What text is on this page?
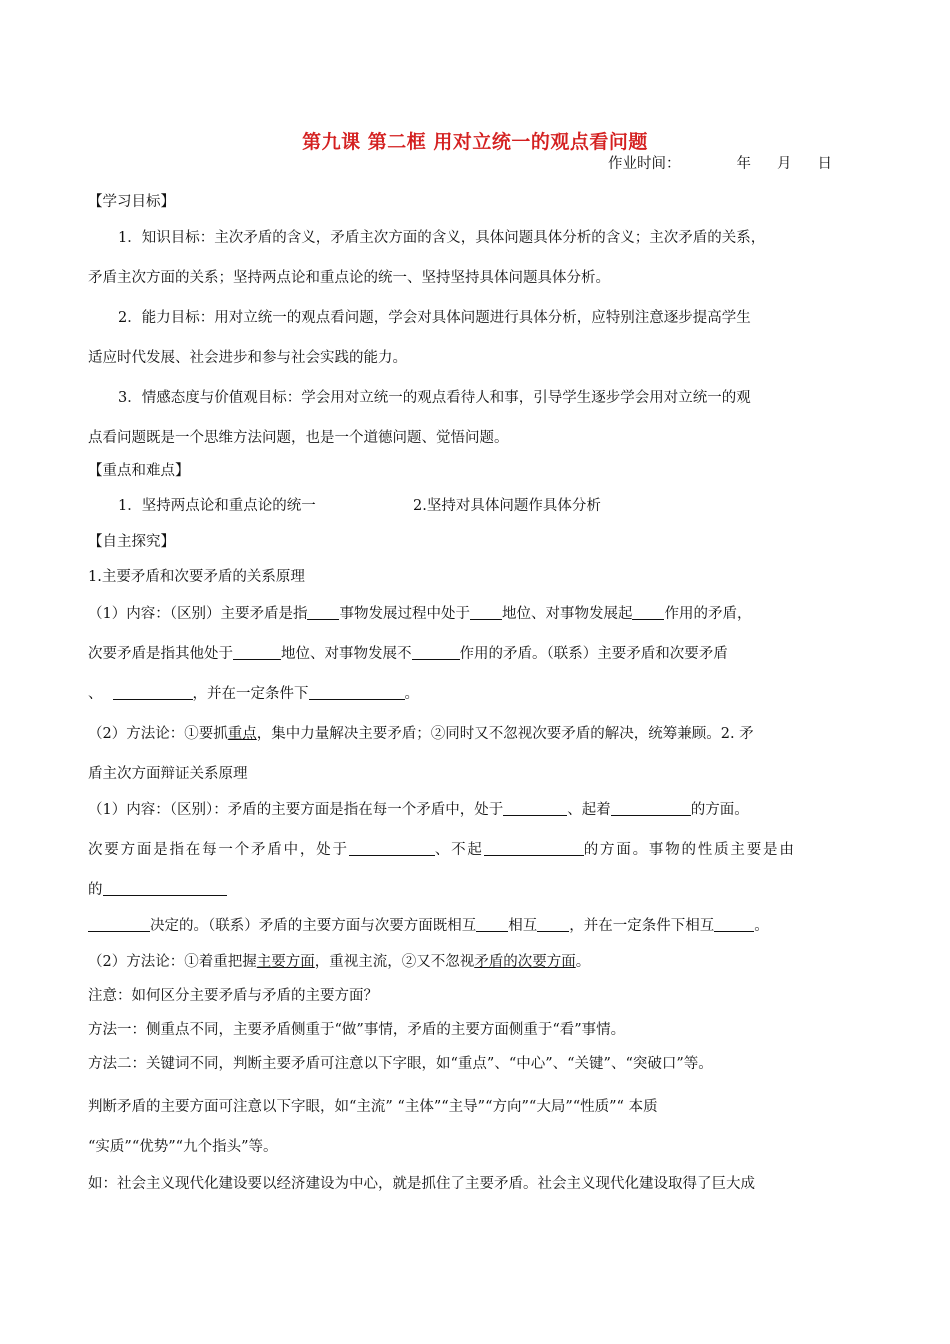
第九课 第二框 用对立统一的观点看问题
作业时间：	年 月 日
【学习目标】
1．知识目标：主次矛盾的含义，矛盾主次方面的含义，具体问题具体分析的含义；主次矛盾的关系，
矛盾主次方面的关系；坚持两点论和重点论的统一、坚持坚持具体问题具体分析。
2．能力目标：用对立统一的观点看问题，学会对具体问题进行具体分析，应特别注意逐步提高学生
适应时代发展、社会进步和参与社会实践的能力。
3．情感态度与价值观目标：学会用对立统一的观点看待人和事，引导学生逐步学会用对立统一的观
点看问题既是一个思维方法问题，也是一个道德问题、觉悟问题。
【重点和难点】
1．坚持两点论和重点论的统一	2.坚持对具体问题作具体分析
【自主探究】
1.主要矛盾和次要矛盾的关系原理
（1）内容：（区别）主要矛盾是指 事物发展过程中处于 地位、对事物发展起 作用的矛盾，
次要矛盾是指其他处于	地位、对事物发展不	作用的矛盾。（联系）主要矛盾和次要矛盾
、	，并在一定条件下	。
（2）方法论：①要抓重点，集中力量解决主要矛盾；②同时又不忽视次要矛盾的解决，统筹兼顾。2. 矛
盾主次方面辩证关系原理
（1）内容：（区别）：矛盾的主要方面是指在每一个矛盾中，处于	、起着	的方面。
次要方面是指在每一个矛盾中，处于	、不起	的方面。事物的性质主要是由
的
决定的。（联系）矛盾的主要方面与次要方面既相互 相互 ，并在一定条件下相互	。
（2）方法论：①着重把握主要方面，重视主流，②又不忽视矛盾的次要方面。
注意：如何区分主要矛盾与矛盾的主要方面？
方法一：侧重点不同，主要矛盾侧重于“做”事情，矛盾的主要方面侧重于“看”事情。
方法二：关键词不同，判断主要矛盾可注意以下字眼，如“重点”、“中心”、“关键”、“突破口”等。
判断矛盾的主要方面可注意以下字眼，如“主流” “主体”“主导”“方向”“大局”“性质”“ 本质
“实质”“优势”“九个指头”等。
如：社会主义现代化建设要以经济建设为中心，就是抓住了主要矛盾。社会主义现代化建设取得了巨大成
